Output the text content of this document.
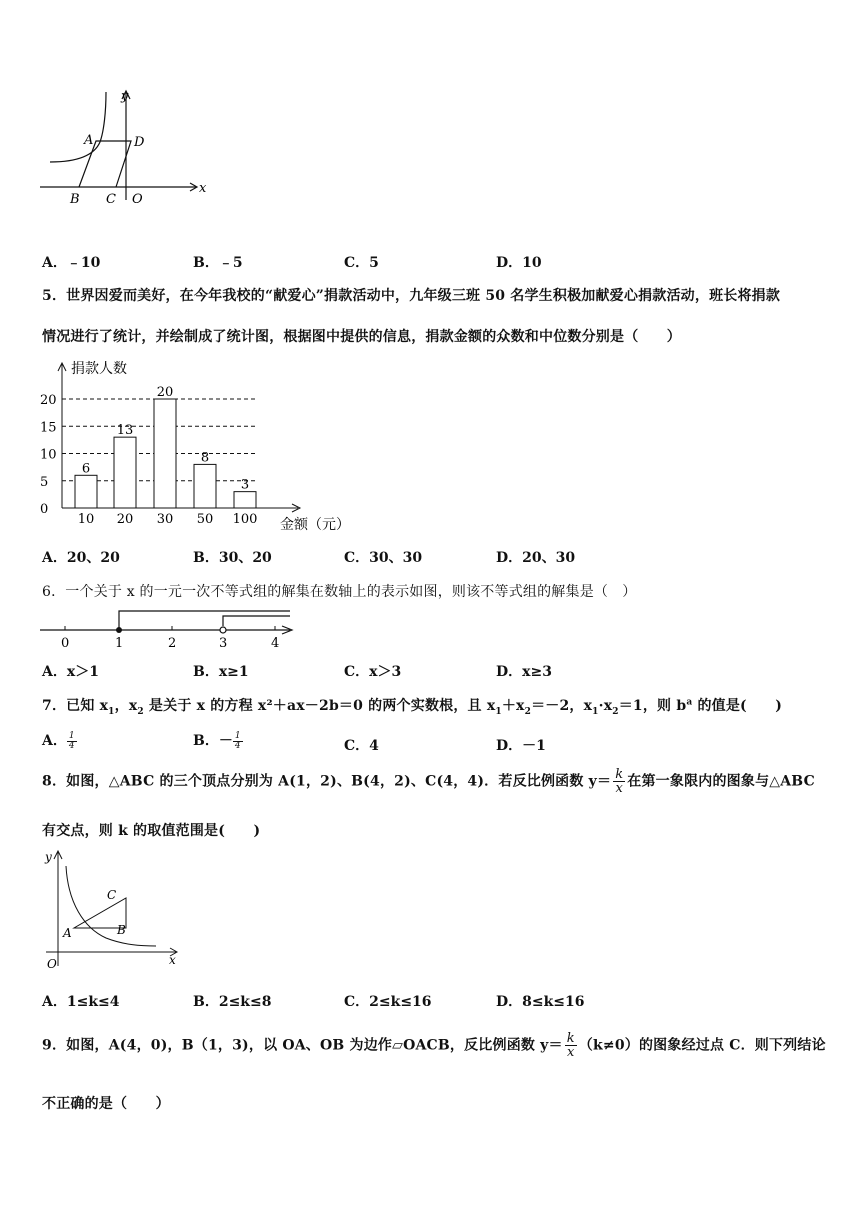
y
x
A	D
B C O
A．﹣10	B．﹣5	C．5	D．10
5．世界因爱而美好，在今年我校的“献爱心”捐款活动中，九年级三班 50 名学生积极加献爱心捐款活动，班长将捐款
情况进行了统计，并绘制成了统计图，根据图中提供的信息，捐款金额的众数和中位数分别是（　　）
0
5
10
15
20
6
10
13
20
20
30
8
50
3
100
捐款人数
金额（元）
A．20、20	B．30、20	C．30、30	D．20、30
6．一个关于 x 的一元一次不等式组的解集在数轴上的表示如图，则该不等式组的解集是（　）
0	1	2	3	4
A．x＞1	B．x≥1	C．x＞3	D．x≥3
7．已知 $x_1$，$x_2$ 是关于 x 的方程 x²＋ax－2b＝0 的两个实数根，且 $x_1+x_2=-2$，$x_1\cdot x_2=1$，则 $b^a$ 的值是(　　)
A． $\frac{1}{4}$	B．－ $\frac{1}{4}$	C．4	D．－1
8．如图，△ABC 的三个顶点分别为 A(1，2)、B(4，2)、C(4，4)．若反比例函数 $y= \frac{k}{x}$ 在第一象限内的图象与△ABC
有交点，则 k 的取值范围是(　　)
y
x
A	B
C
O
A．1≤k≤4	B．2≤k≤8	C．2≤k≤16	D．8≤k≤16
9．如图，A(4，0)，B（1，3)，以 OA、OB 为边作▱OACB，反比例函数 $y= \frac{k}{x} (k\ne 0)$的图象经过点 C．则下列结论
不正确的是（　　）
